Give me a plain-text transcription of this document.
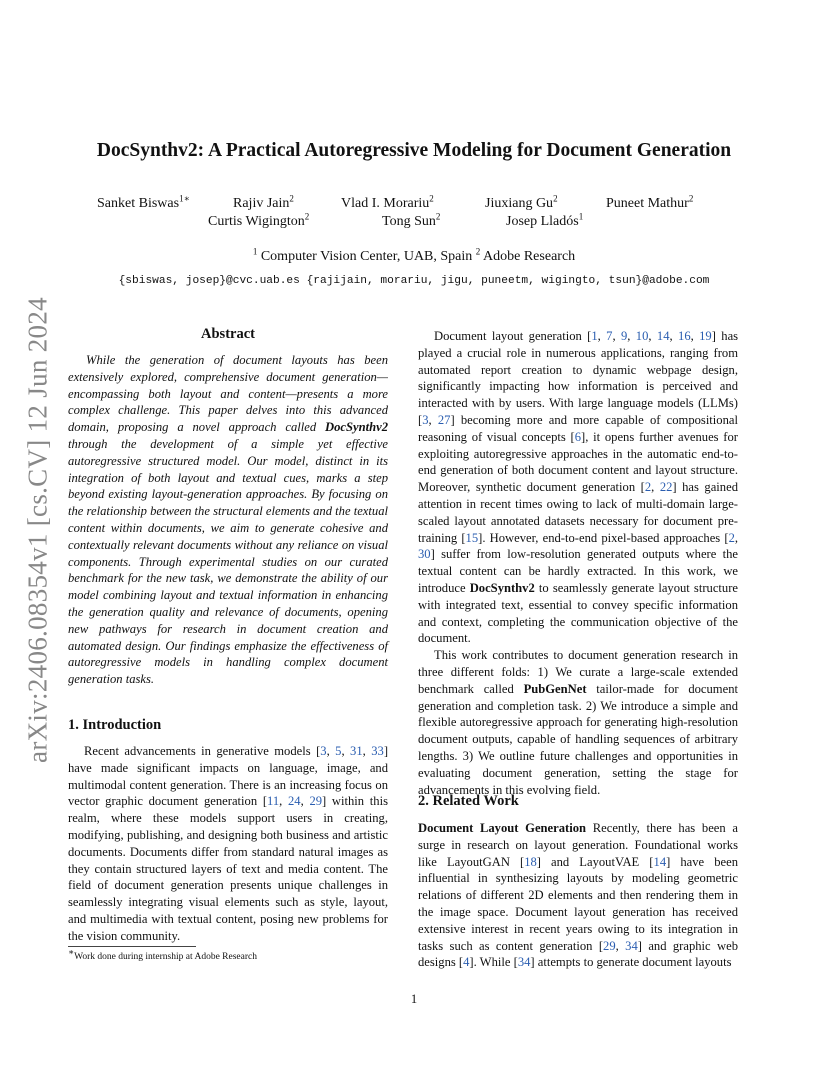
arXiv:2406.08354v1 [cs.CV] 12 Jun 2024
DocSynthv2: A Practical Autoregressive Modeling for Document Generation
Sanket Biswas$^{1∗}$	Rajiv Jain$^2$	Vlad I. Morariu$^2$	Jiuxiang Gu$^2$	Puneet Mathur$^2$
Curtis Wigington$^2$	Tong Sun$^2$	Josep Lladós$^1$
$^1$ Computer Vision Center, UAB, Spain $^2$ Adobe Research
{sbiswas, josep}@cvc.uab.es {rajijain, morariu, jigu, puneetm, wigingto, tsun}@adobe.com
Abstract
While the generation of document layouts has been extensively explored, comprehensive document generation—encompassing both layout and content—presents a more complex challenge. This paper delves into this advanced domain, proposing a novel approach called DocSynthv2 through the development of a simple yet effective autoregressive structured model. Our model, distinct in its integration of both layout and textual cues, marks a step beyond existing layout-generation approaches. By focusing on the relationship between the structural elements and the textual content within documents, we aim to generate cohesive and contextually relevant documents without any reliance on visual components. Through experimental studies on our curated benchmark for the new task, we demonstrate the ability of our model combining layout and textual information in enhancing the generation quality and relevance of documents, opening new pathways for research in document creation and automated design. Our findings emphasize the effectiveness of autoregressive models in handling complex document generation tasks.
1. Introduction

Recent advancements in generative models [3, 5, 31, 33] have made significant impacts on language, image, and multimodal content generation. There is an increasing focus on vector graphic document generation [11, 24, 29] within this realm, where these models support users in creating, modifying, publishing, and designing both business and artistic documents. Documents differ from standard natural images as they contain structured layers of text and media content. The field of document generation presents unique challenges in seamlessly integrating visual elements such as style, layout, and multimedia with textual content, posing new problems for the vision community.

∗Work done during internship at Adobe Research

Document layout generation [1, 7, 9, 10, 14, 16, 19] has played a crucial role in numerous applications, ranging from automated report creation to dynamic webpage design, significantly impacting how information is perceived and interacted with by users. With large language models (LLMs) [3, 27] becoming more and more capable of compositional reasoning of visual concepts [6], it opens further avenues for exploiting autoregressive approaches in the automatic end-to-end generation of both document content and layout structure. Moreover, synthetic document generation [2, 22] has gained attention in recent times owing to lack of multi-domain large-scaled layout annotated datasets necessary for document pre-training [15]. However, end-to-end pixel-based approaches [2, 30] suffer from low-resolution generated outputs where the textual content can be hardly extracted. In this work, we introduce DocSynthv2 to seamlessly generate layout structure with integrated text, essential to convey specific information and context, completing the communication objective of the document.

This work contributes to document generation research in three different folds: 1) We curate a large-scale extended benchmark called PubGenNet tailor-made for document generation and completion task. 2) We introduce a simple and flexible autoregressive approach for generating high-resolution document outputs, capable of handling sequences of arbitrary lengths. 3) We outline future challenges and opportunities in evaluating document generation, setting the stage for advancements in this evolving field.

2. Related Work

Document Layout Generation Recently, there has been a surge in research on layout generation. Foundational works like LayoutGAN [18] and LayoutVAE [14] have been influential in synthesizing layouts by modeling geometric relations of different 2D elements and then rendering them in the image space. Document layout generation has received extensive interest in recent years owing to its integration in tasks such as content generation [29, 34] and graphic web designs [4]. While [34] attempts to generate document layouts

1
